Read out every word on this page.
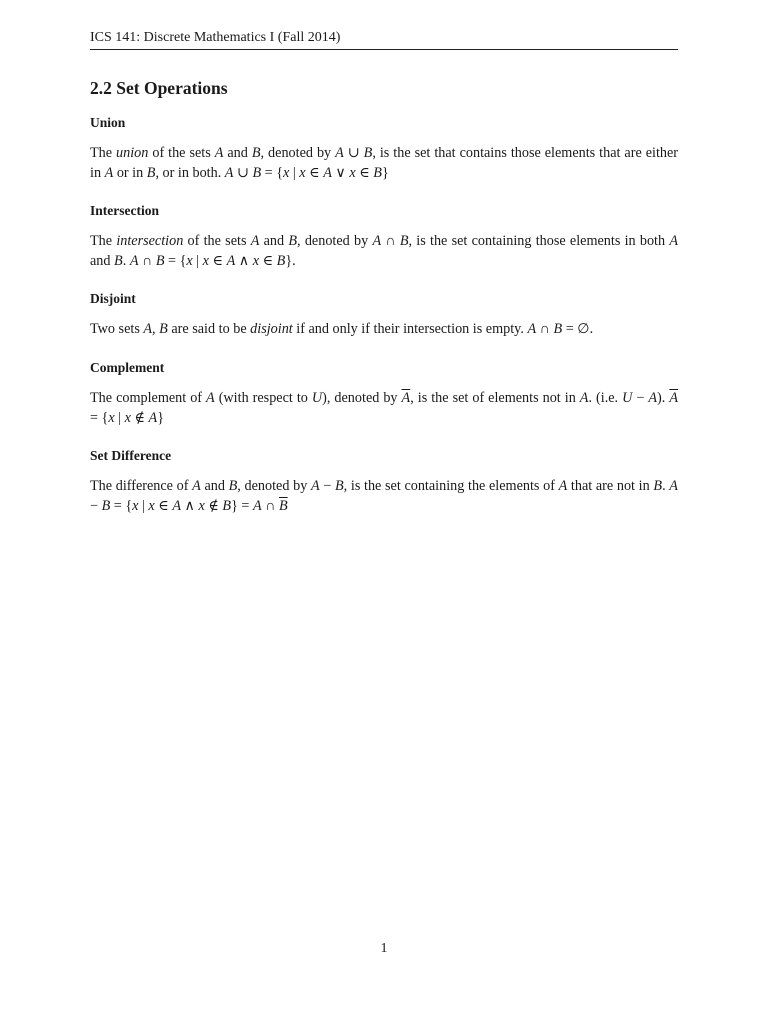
ICS 141: Discrete Mathematics I (Fall 2014)
2.2 Set Operations
Union

The union of the sets A and B, denoted by A ∪ B, is the set that contains those elements that are either in A or in B, or in both. A ∪ B = {x | x ∈ A ∨ x ∈ B}

Intersection

The intersection of the sets A and B, denoted by A ∩ B, is the set containing those elements in both A and B. A ∩ B = {x | x ∈ A ∧ x ∈ B}.

Disjoint

Two sets A, B are said to be disjoint if and only if their intersection is empty. A ∩ B = ∅.

Complement

The complement of A (with respect to U), denoted by $\overline{A}$, is the set of elements not in A. (i.e. U − A). $\overline{A} = \{x$ | x ∉ A}

Set Difference

The difference of A and B, denoted by A − B, is the set containing the elements of A that are not in B. A − B = {x | x ∈ A ∧ x ∉ B} = A ∩ $\overline{B}$

1
